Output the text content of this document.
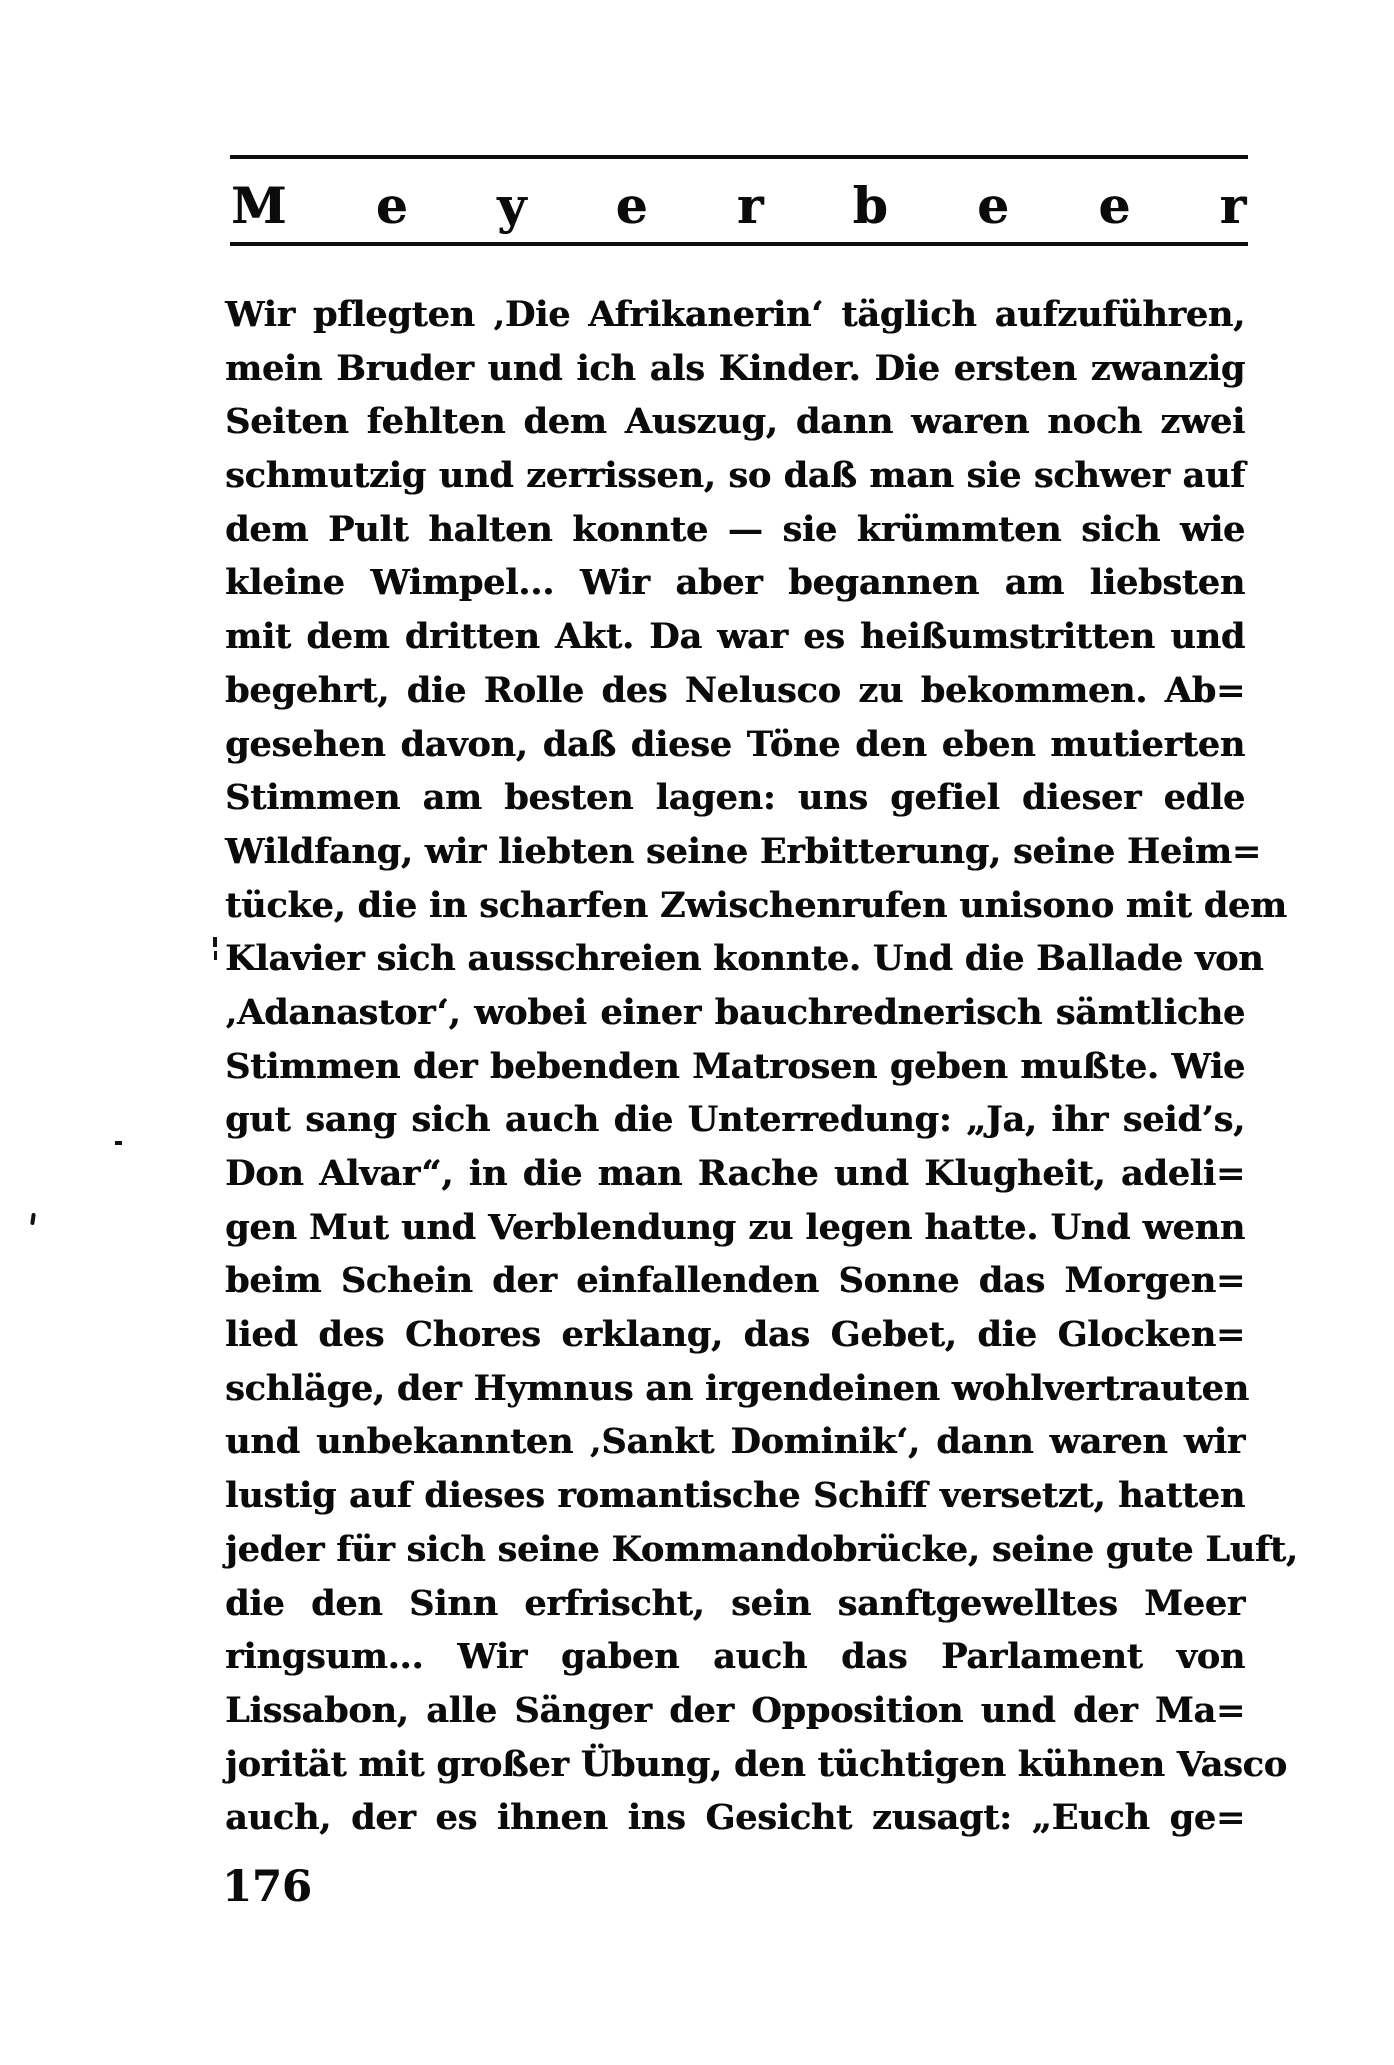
M e y e r b e e r
Wir pflegten ‚Die Afrikanerin‘ täglich aufzuführen,
mein Bruder und ich als Kinder. Die ersten zwanzig
Seiten fehlten dem Auszug, dann waren noch zwei
schmutzig und zerrissen, so daß man sie schwer auf
dem Pult halten konnte — sie krümmten sich wie
kleine Wimpel... Wir aber begannen am liebsten
mit dem dritten Akt. Da war es heißumstritten und
begehrt, die Rolle des Nelusco zu bekommen. Ab=
gesehen davon, daß diese Töne den eben mutierten
Stimmen am besten lagen: uns gefiel dieser edle
Wildfang, wir liebten seine Erbitterung, seine Heim=
tücke, die in scharfen Zwischenrufen unisono mit dem
Klavier sich ausschreien konnte. Und die Ballade von
‚Adanastor‘, wobei einer bauchrednerisch sämtliche
Stimmen der bebenden Matrosen geben mußte. Wie
gut sang sich auch die Unterredung: „Ja, ihr seid’s,
Don Alvar“, in die man Rache und Klugheit, adeli=
gen Mut und Verblendung zu legen hatte. Und wenn
beim Schein der einfallenden Sonne das Morgen=
lied des Chores erklang, das Gebet, die Glocken=
schläge, der Hymnus an irgendeinen wohlvertrauten
und unbekannten ‚Sankt Dominik‘, dann waren wir
lustig auf dieses romantische Schiff versetzt, hatten
jeder für sich seine Kommandobrücke, seine gute Luft,
die den Sinn erfrischt, sein sanftgewelltes Meer
ringsum... Wir gaben auch das Parlament von
Lissabon, alle Sänger der Opposition und der Ma=
jorität mit großer Übung, den tüchtigen kühnen Vasco
auch, der es ihnen ins Gesicht zusagt: „Euch ge=
176
